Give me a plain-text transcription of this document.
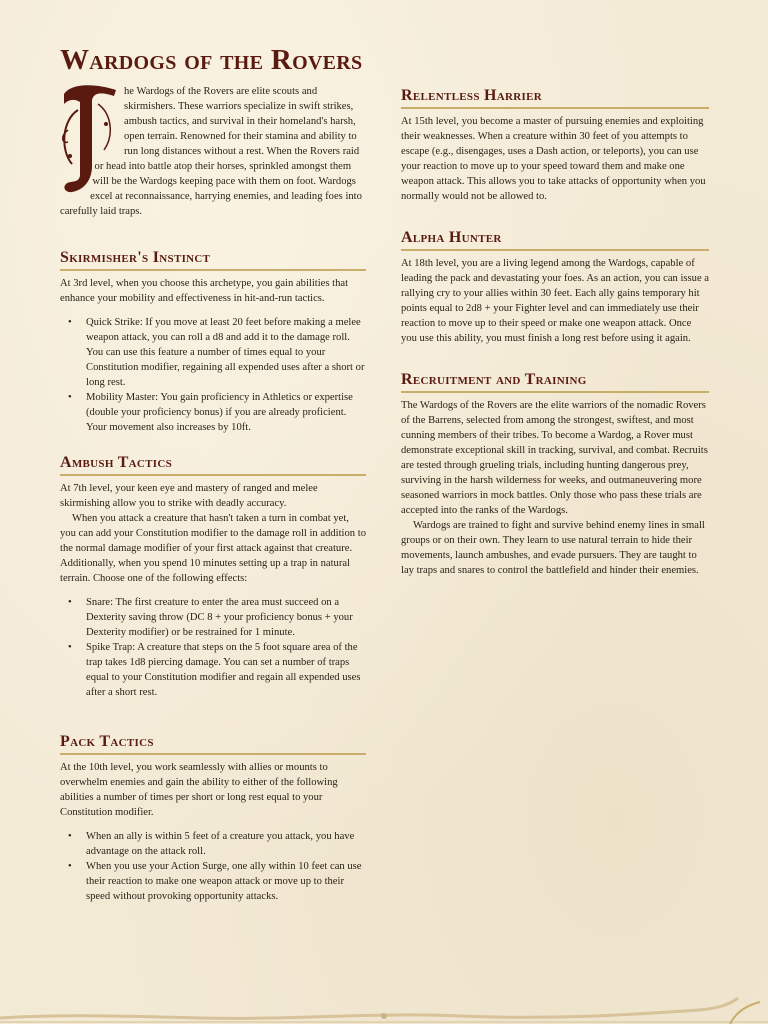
Wardogs of the Rovers

he Wardogs of the Rovers are elite scouts and skirmishers. These warriors specialize in swift strikes, ambush tactics, and survival in their homeland's harsh, open terrain. Renowned for their stamina and ability to run long distances without a rest. When the Rovers raid or head into battle atop their horses, sprinkled amongst them will be the Wardogs keeping pace with them on foot. Wardogs excel at reconnaissance, harrying enemies, and leading foes into carefully laid traps.

Skirmisher's Instinct

At 3rd level, when you choose this archetype, you gain abilities that enhance your mobility and effectiveness in hit-and-run tactics.

• Quick Strike: If you move at least 20 feet before making a melee weapon attack, you can roll a d8 and add it to the damage roll. You can use this feature a number of times equal to your Constitution modifier, regaining all expended uses after a short or long rest.
• Mobility Master: You gain proficiency in Athletics or expertise (double your proficiency bonus) if you are already proficient. Your movement also increases by 10ft.
Ambush Tactics

At 7th level, your keen eye and mastery of ranged and melee skirmishing allow you to strike with deadly accuracy.

When you attack a creature that hasn't taken a turn in combat yet, you can add your Constitution modifier to the damage roll in addition to the normal damage modifier of your first attack against that creature. Additionally, when you spend 10 minutes setting up a trap in natural terrain. Choose one of the following effects:

• Snare: The first creature to enter the area must succeed on a Dexterity saving throw (DC 8 + your proficiency bonus + your Dexterity modifier) or be restrained for 1 minute.
• Spike Trap: A creature that steps on the 5 foot square area of the trap takes 1d8 piercing damage. You can set a number of traps equal to your Constitution modifier and regain all expended uses after a short rest.
Pack Tactics

At the 10th level, you work seamlessly with allies or mounts to overwhelm enemies and gain the ability to either of the following abilities a number of times per short or long rest equal to your Constitution modifier.

• When an ally is within 5 feet of a creature you attack, you have advantage on the attack roll.
• When you use your Action Surge, one ally within 10 feet can use their reaction to make one weapon attack or move up to their speed without provoking opportunity attacks.
Relentless Harrier

At 15th level, you become a master of pursuing enemies and exploiting their weaknesses. When a creature within 30 feet of you attempts to escape (e.g., disengages, uses a Dash action, or teleports), you can use your reaction to move up to your speed toward them and make one weapon attack. This allows you to take attacks of opportunity when you normally would not be allowed to.

Alpha Hunter

At 18th level, you are a living legend among the Wardogs, capable of leading the pack and devastating your foes. As an action, you can issue a rallying cry to your allies within 30 feet. Each ally gains temporary hit points equal to 2d8 + your Fighter level and can immediately use their reaction to move up to their speed or make one weapon attack. Once you use this ability, you must finish a long rest before using it again.

Recruitment and Training

The Wardogs of the Rovers are the elite warriors of the nomadic Rovers of the Barrens, selected from among the strongest, swiftest, and most cunning members of their tribes. To become a Wardog, a Rover must demonstrate exceptional skill in tracking, survival, and combat. Recruits are tested through grueling trials, including hunting dangerous prey, surviving in the harsh wilderness for weeks, and outmaneuvering more seasoned warriors in mock battles. Only those who pass these trials are accepted into the ranks of the Wardogs.

Wardogs are trained to fight and survive behind enemy lines in small groups or on their own. They learn to use natural terrain to hide their movements, launch ambushes, and evade pursuers. They are taught to lay traps and snares to control the battlefield and hinder their enemies.
